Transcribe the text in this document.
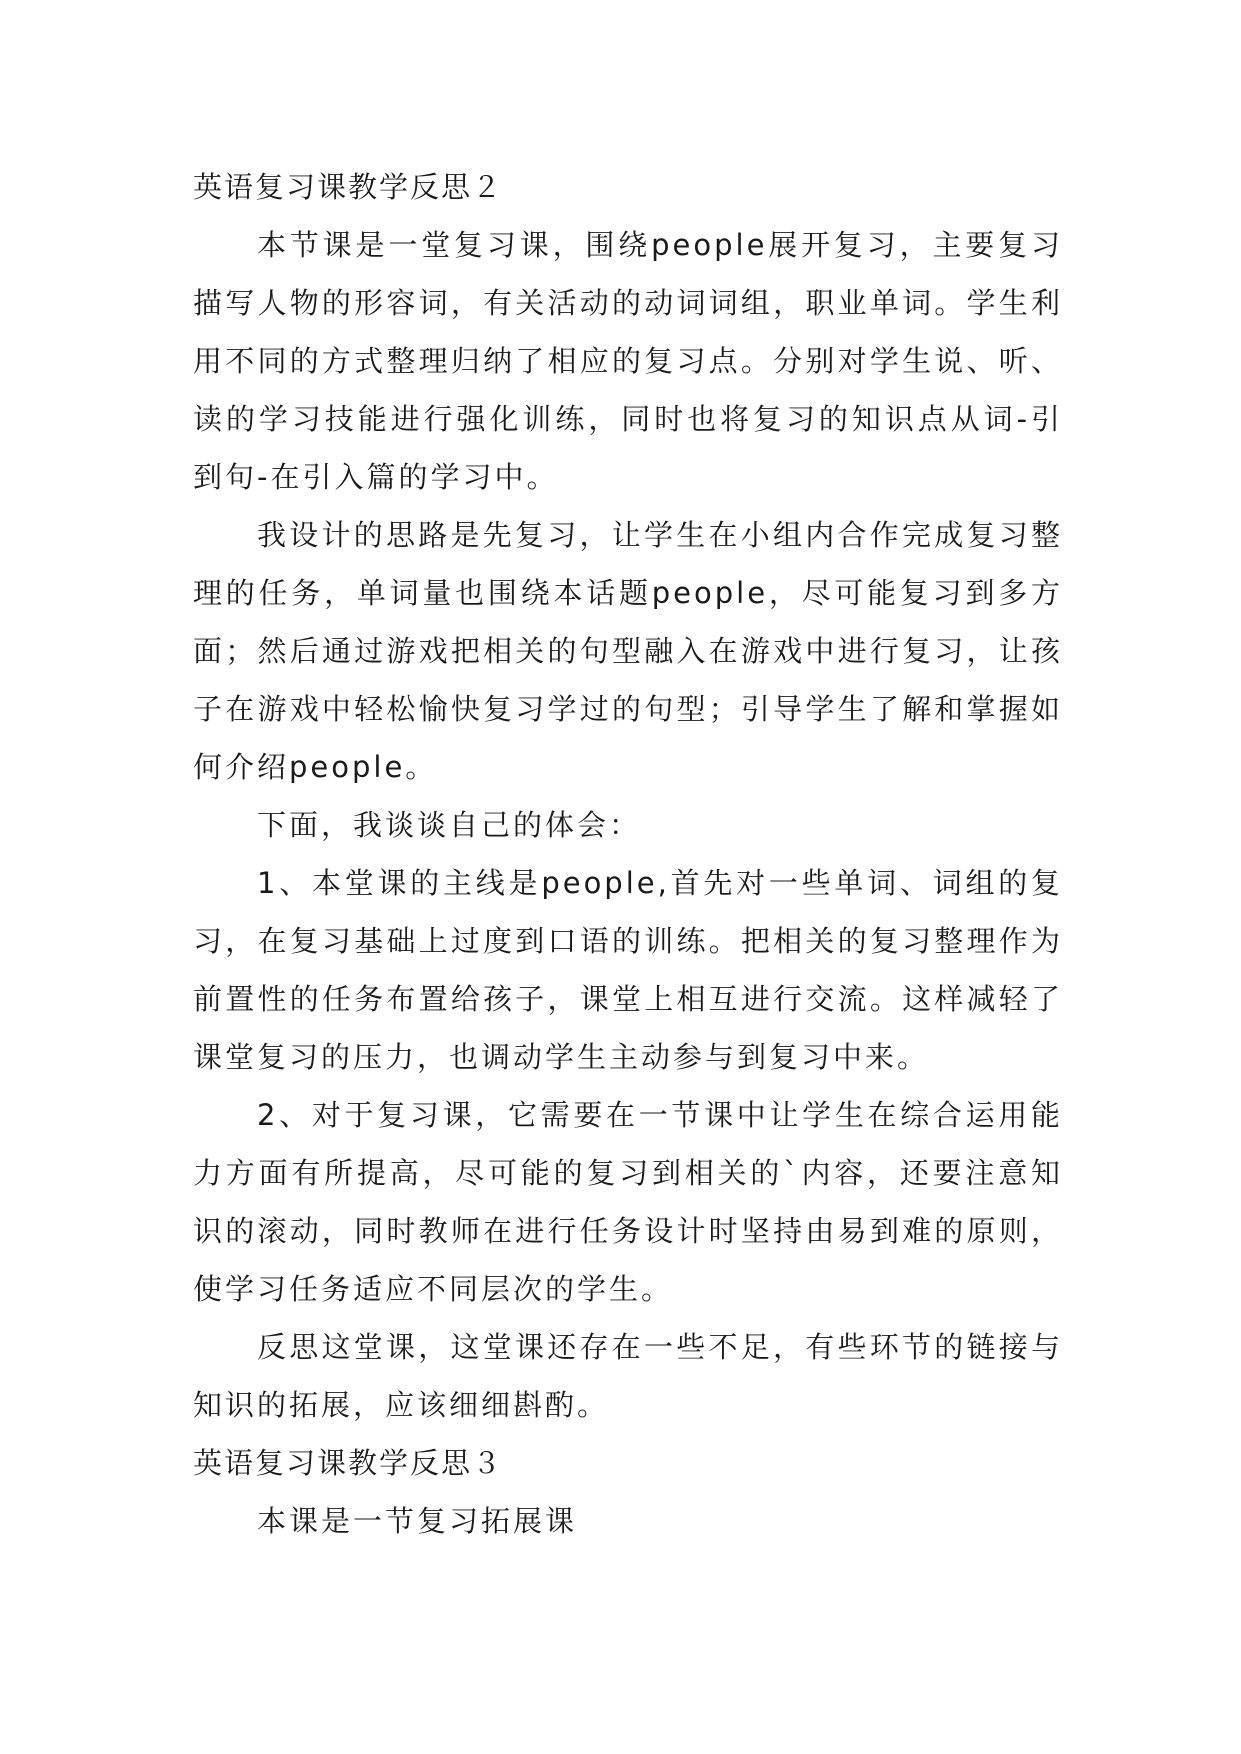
英语复习课教学反思２

本节课是一堂复习课，围绕people展开复习，主要复习描写人物的形容词，有关活动的动词词组，职业单词。学生利用不同的方式整理归纳了相应的复习点。分别对学生说、听、读的学习技能进行强化训练，同时也将复习的知识点从词-引到句-在引入篇的学习中。

我设计的思路是先复习，让学生在小组内合作完成复习整理的任务，单词量也围绕本话题people，尽可能复习到多方面；然后通过游戏把相关的句型融入在游戏中进行复习，让孩子在游戏中轻松愉快复习学过的句型；引导学生了解和掌握如何介绍people。

下面，我谈谈自己的体会：

1、本堂课的主线是people,首先对一些单词、词组的复习，在复习基础上过度到口语的训练。把相关的复习整理作为前置性的任务布置给孩子，课堂上相互进行交流。这样减轻了课堂复习的压力，也调动学生主动参与到复习中来。

2、对于复习课，它需要在一节课中让学生在综合运用能力方面有所提高，尽可能的复习到相关的`内容，还要注意知识的滚动，同时教师在进行任务设计时坚持由易到难的原则，使学习任务适应不同层次的学生。

反思这堂课，这堂课还存在一些不足，有些环节的链接与知识的拓展，应该细细斟酌。

英语复习课教学反思３

本课是一节复习拓展课
